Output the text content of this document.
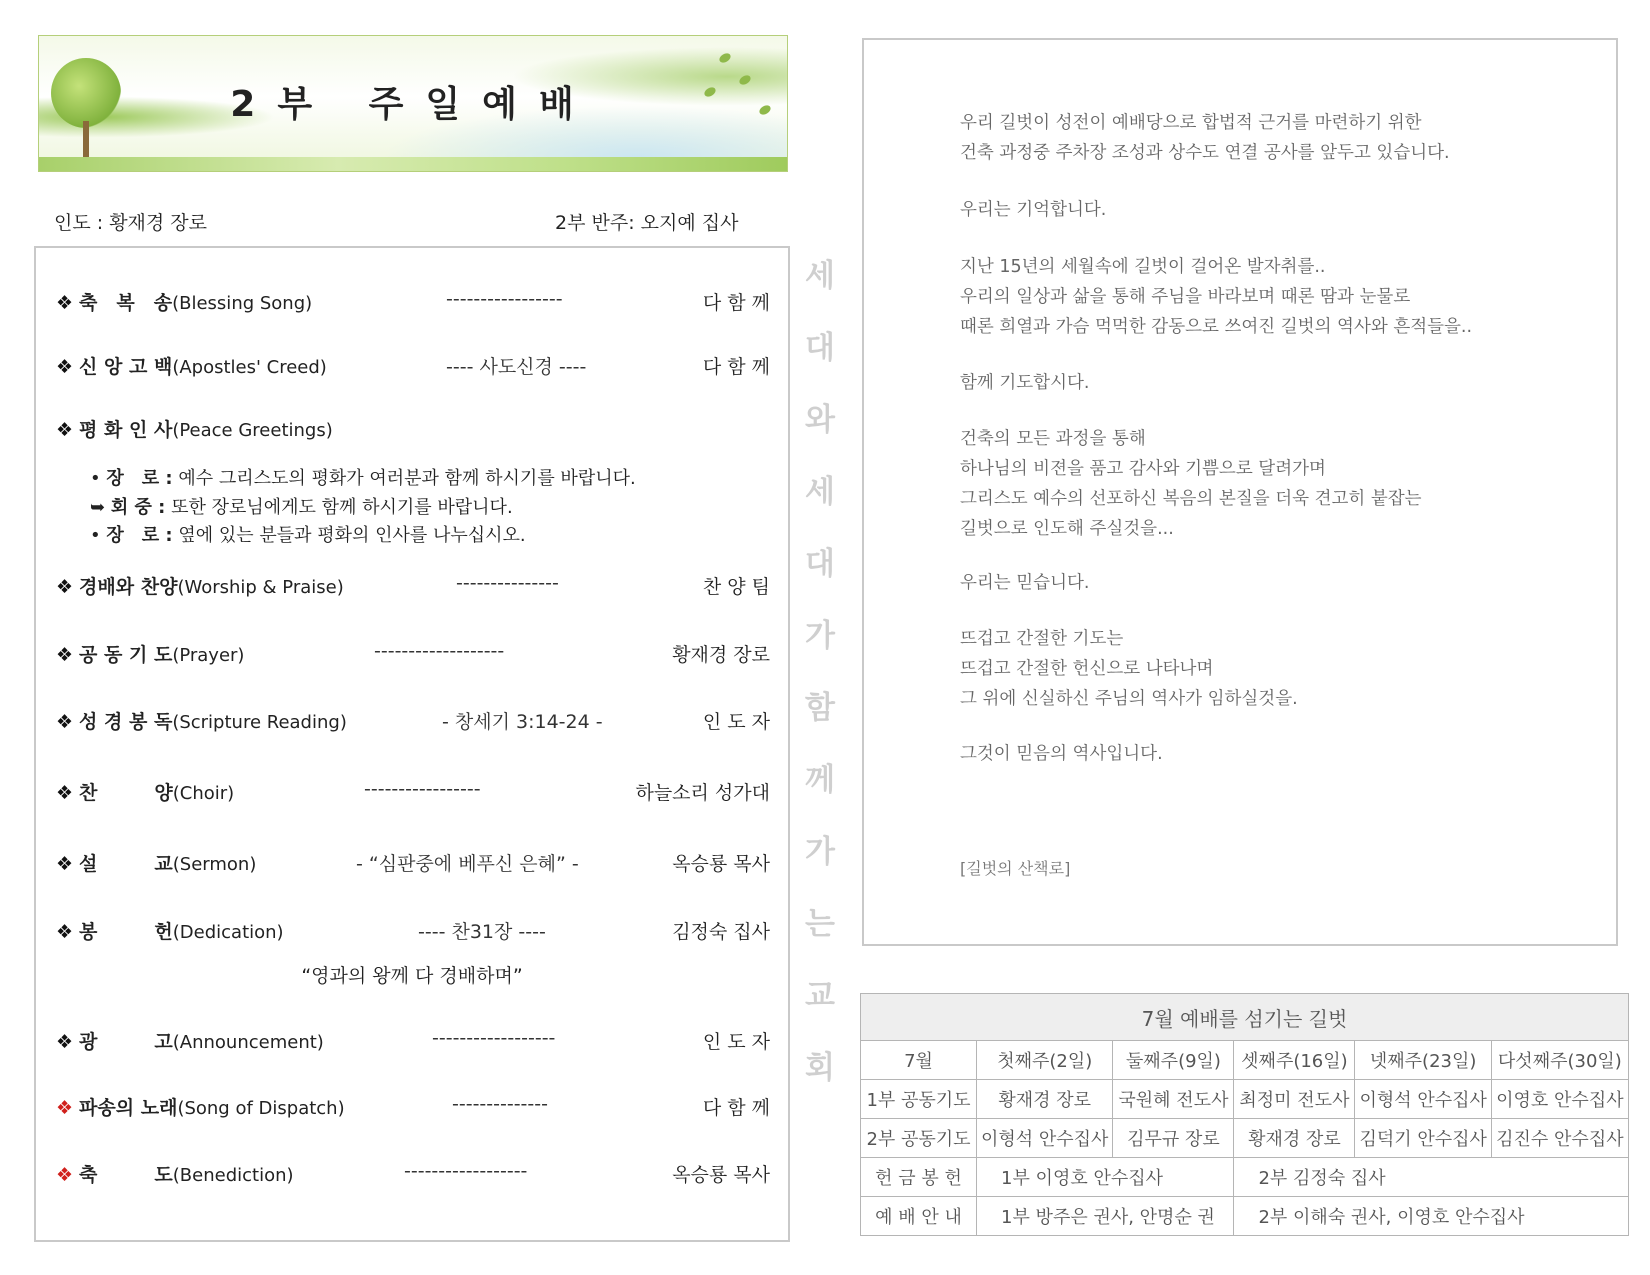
2부 주일예배
인도 : 황재경 장로	2부 반주: 오지예 집사
❖ 축　복　송(Blessing Song)	-----------------	다 함 께
❖ 신 앙 고 백(Apostles' Creed)	---- 사도신경 ----	다 함 께
❖ 평 화 인 사(Peace Greetings)
• 장　로 : 예수 그리스도의 평화가 여러분과 함께 하시기를 바랍니다.
➥ 회 중 : 또한 장로님에게도 함께 하시기를 바랍니다.
• 장　로 : 옆에 있는 분들과 평화의 인사를 나누십시오.
❖ 경배와 찬양(Worship & Praise)	---------------	찬 양 팀
❖ 공 동 기 도(Prayer)	-------------------	황재경 장로
❖ 성 경 봉 독(Scripture Reading)	- 창세기 3:14-24 -	인 도 자
❖ 찬　　　양(Choir)	-----------------	하늘소리 성가대
❖ 설　　　교(Sermon)	- “심판중에 베푸신 은혜” -	옥승룡 목사
❖ 봉　　　헌(Dedication)	---- 찬31장 ----	김정숙 집사
“영과의 왕께 다 경배하며”
❖ 광　　　고(Announcement)	------------------	인 도 자
❖ 파송의 노래(Song of Dispatch)	--------------	다 함 께
❖ 축　　　도(Benediction)	------------------	옥승룡 목사
세
대
와
세
대
가
함
께
가
는
교
회

우리 길벗이 성전이 예배당으로 합법적 근거를 마련하기 위한

건축 과정중 주차장 조성과 상수도 연결 공사를 앞두고 있습니다.

우리는 기억합니다.

지난 15년의 세월속에 길벗이 걸어온 발자취를..

우리의 일상과 삶을 통해 주님을 바라보며 때론 땀과 눈물로

때론 희열과 가슴 먹먹한 감동으로 쓰여진 길벗의 역사와 흔적들을..

함께 기도합시다.

건축의 모든 과정을 통해

하나님의 비젼을 품고 감사와 기쁨으로 달려가며

그리스도 예수의 선포하신 복음의 본질을 더욱 견고히 붙잡는

길벗으로 인도해 주실것을...

우리는 믿습니다.

뜨겁고 간절한 기도는

뜨겁고 간절한 헌신으로 나타나며

그 위에 신실하신 주님의 역사가 임하실것을.

그것이 믿음의 역사입니다.

[길벗의 산책로]
7월 예배를 섬기는 길벗					
7월	첫째주(2일)	둘째주(9일)	셋째주(16일)	넷째주(23일)	다섯째주(30일)
1부 공동기도	황재경 장로	국원혜 전도사	최정미 전도사	이형석 안수집사	이영호 안수집사
2부 공동기도	이형석 안수집사	김무규 장로	황재경 장로	김덕기 안수집사	김진수 안수집사
헌 금 봉 헌	1부 이영호 안수집사		2부 김정숙 집사		
예 배 안 내	1부 방주은 권사, 안명순 권		2부 이해숙 권사, 이영호 안수집사		
